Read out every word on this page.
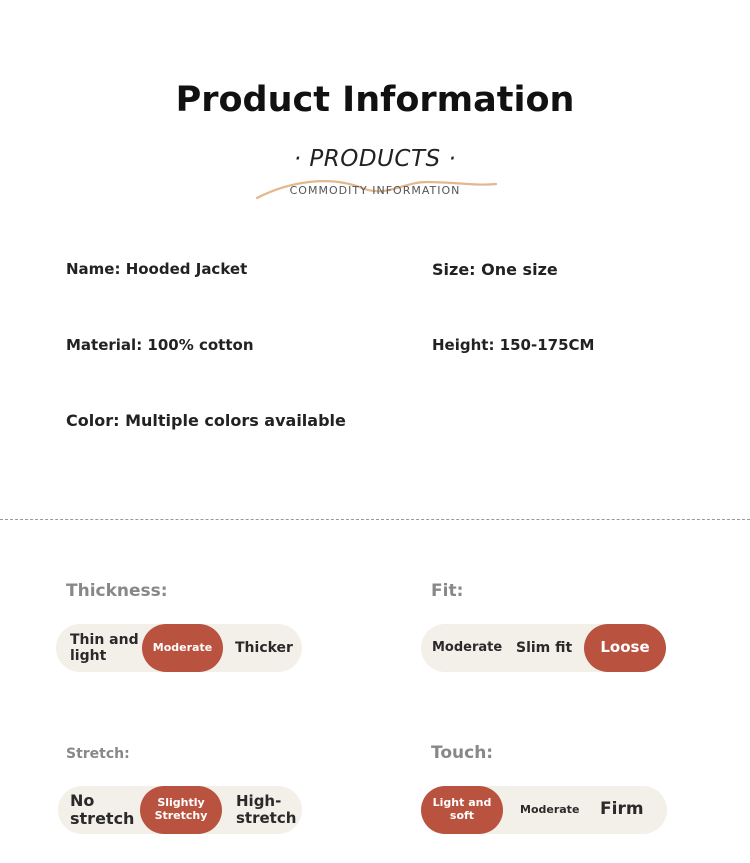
Product Information
· PRODUCTS ·
COMMODITY INFORMATION
Name: Hooded Jacket	Size: One size
Material: 100% cotton	Height: 150-175CM
Color: Multiple colors available
Thickness:
Thin and light
Moderate	Thicker
Fit:
Moderate Slim fit	Loose
Stretch:
No stretch
Slightly Stretchy
High-stretch
Touch:
Light and soft	Moderate	Firm
